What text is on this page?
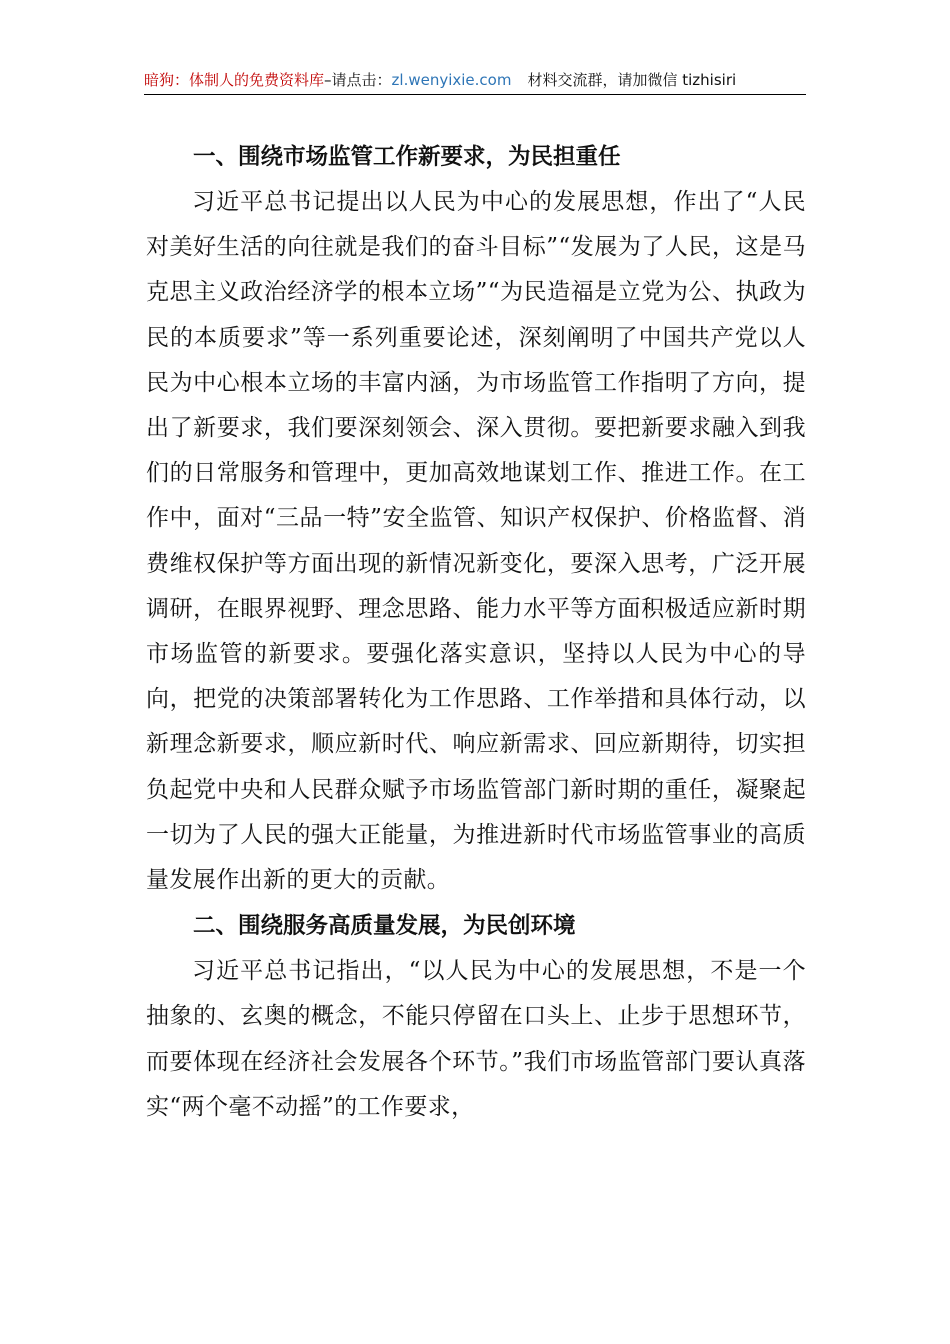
暗狗：体制人的免费资料库–请点击：zl.wenyixie.com 材料交流群，请加微信 tizhisiri
一、围绕市场监管工作新要求，为民担重任

习近平总书记提出以人民为中心的发展思想，作出了“人民对美好生活的向往就是我们的奋斗目标”“发展为了人民，这是马克思主义政治经济学的根本立场”“为民造福是立党为公、执政为民的本质要求”等一系列重要论述，深刻阐明了中国共产党以人民为中心根本立场的丰富内涵，为市场监管工作指明了方向，提出了新要求，我们要深刻领会、深入贯彻。要把新要求融入到我们的日常服务和管理中，更加高效地谋划工作、推进工作。在工作中，面对“三品一特”安全监管、知识产权保护、价格监督、消费维权保护等方面出现的新情况新变化，要深入思考，广泛开展调研，在眼界视野、理念思路、能力水平等方面积极适应新时期市场监管的新要求。要强化落实意识，坚持以人民为中心的导向，把党的决策部署转化为工作思路、工作举措和具体行动，以新理念新要求，顺应新时代、响应新需求、回应新期待，切实担负起党中央和人民群众赋予市场监管部门新时期的重任，凝聚起一切为了人民的强大正能量，为推进新时代市场监管事业的高质量发展作出新的更大的贡献。

二、围绕服务高质量发展，为民创环境

习近平总书记指出，“以人民为中心的发展思想，不是一个抽象的、玄奥的概念，不能只停留在口头上、止步于思想环节，而要体现在经济社会发展各个环节。”我们市场监管部门要认真落实“两个毫不动摇”的工作要求，
